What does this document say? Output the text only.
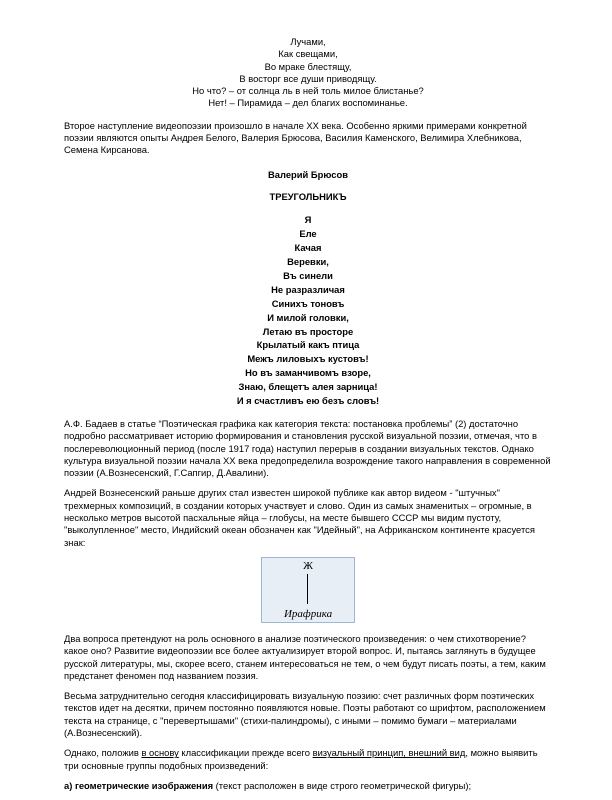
Лучами,
Как свещами,
Во мраке блестящу,
В восторг все души приводящу.
Но что? – от солнца ль в ней толь милое блистанье?
Нет! – Пирамида – дел благих воспоминанье.

Второе наступление видеопоэзии произошло в начале ХХ века. Особенно яркими примерами конкретной поэзии являются опыты Андрея Белого, Валерия Брюсова, Василия Каменского, Велимира Хлебникова, Семена Кирсанова.

Валерий Брюсов
ТРЕУГОЛЬНИКЪ
Я
Еле
Качая
Веревки,
Въ синели
Не разразличая
Синихъ тоновъ
И милой головки,
Летаю въ просторе
Крылатый какъ птица
Межъ лиловыхъ кустовъ!
Но въ заманчивомъ взоре,
Знаю, блещетъ алея зарница!
И я счастливъ ею безъ словъ!

А.Ф. Бадаев в статье “Поэтическая графика как категория текста: постановка проблемы” (2) достаточно подробно рассматривает историю формирования и становления русской визуальной поэзии, отмечая, что в послереволюционный период (после 1917 года) наступил перерыв в создании визуальных текстов. Однако культура визуальной поэзии начала ХХ века предопределила возрождение такого направления в современной поэзии (А.Вознесенский, Г.Сапгир, Д.Авалини).

Андрей Вознесенский раньше других стал известен широкой публике как автор видеом - "штучных" трехмерных композиций, в создании которых участвует и слово. Один из самых знаменитых – огромные, в несколько метров высотой пасхальные яйца – глобусы, на месте бывшего СССР мы видим пустоту, "выколупленное" место, Индийский океан обозначен как "Идейный", на Африканском континенте красуется знак:

Ж
Ирафрика

Два вопроса претендуют на роль основного в анализе поэтического произведения: о чем стихотворение? какое оно? Развитие видеопоэзии все более актуализирует второй вопрос. И, пытаясь заглянуть в будущее русской литературы, мы, скорее всего, станем интересоваться не тем, о чем будут писать поэты, а тем, каким предстанет феномен под названием поэзия.

Весьма затруднительно сегодня классифицировать визуальную поэзию: счет различных форм поэтических текстов идет на десятки, причем постоянно появляются новые. Поэты работают со шрифтом, расположением текста на странице, с "перевертышами" (стихи-палиндромы), с иными – помимо бумаги – материалами (А.Вознесенский).

Однако, положив в основу классификации прежде всего визуальный принцип, внешний вид, можно выявить три основные группы подобных произведений:

а) геометрические изображения (текст расположен в виде строго геометрической фигуры);
